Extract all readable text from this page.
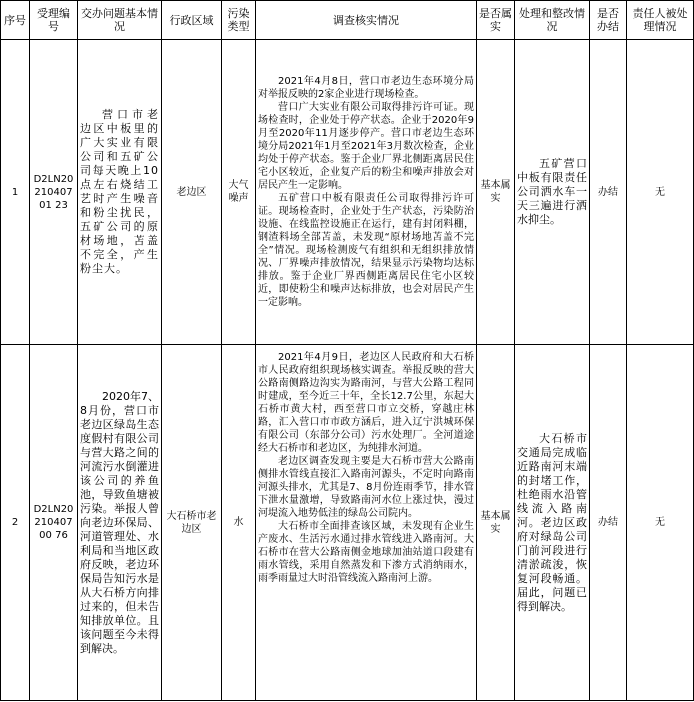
序号	受理编号	交办问题基本情况	行政区域	污染类型	调查核实情况	是否属实	处理和整改情况	是否办结	责任人被处理情况
1	D2LN2021040701 23	营口市老边区中板里的广大实业有限公司和五矿公司每天晚上10点左右烧结工艺时产生噪音和粉尘扰民，五矿公司的原材场地，苫盖不完全，产生粉尘大。	老边区	大气噪声	2021年4月8日，营口市老边生态环境分局对举报反映的2家企业进行现场检查。

营口广大实业有限公司取得排污许可证。现场检查时，企业处于停产状态。企业于2020年9月至2020年11月逐步停产。营口市老边生态环境分局2021年1月至2021年3月数次检查，企业均处于停产状态。鉴于企业厂界北侧距离居民住宅小区较近，企业复产后的粉尘和噪声排放会对居民产生一定影响。

五矿营口中板有限责任公司取得排污许可证。现场检查时，企业处于生产状态，污染防治设施、在线监控设施正在运行，建有封闭料棚，钢渣料场全部苫盖，未发现“原材场地苫盖不完全”情况。现场检测废气有组织和无组织排放情况、厂界噪声排放情况，结果显示污染物均达标排放。鉴于企业厂界西侧距离居民住宅小区较近，即使粉尘和噪声达标排放，也会对居民产生一定影响。	基本属实	五矿营口中板有限责任公司洒水车一天三遍进行洒水抑尘。	办结	无
2	D2LN2021040700 76	2020年7、8月份，营口市老边区绿岛生态度假村有限公司与营大路之间的河流污水倒灌进该公司的养鱼池，导致鱼塘被污染。举报人曾向老边环保局、河道管理处、水利局和当地区政府反映，老边环保局告知污水是从大石桥方向排过来的，但未告知排放单位。且该问题至今未得到解决。	大石桥市老边区	水	2021年4月9日，老边区人民政府和大石桥市人民政府组织现场核实调查。举报反映的营大公路南侧路边沟实为路南河，与营大公路工程同时建成，至今近三十年，全长12.7公里，东起大石桥市黄大村，西至营口市立交桥，穿越庄林路，汇入营口市市政方涵后，进入辽宁洪城环保有限公司（东部分公司）污水处理厂。全河道途经大石桥市和老边区，为纯排水河道。

老边区调查发现主要是大石桥市营大公路南侧排水管线直接汇入路南河源头，不定时向路南河源头排水，尤其是7、8月份连雨季节，排水管下泄水量激增，导致路南河水位上涨过快，漫过河堤流入地势低洼的绿岛公司院内。

大石桥市全面排查该区域，未发现有企业生产废水、生活污水通过排水管线进入路南河。大石桥市在营大公路南侧金地球加油站道口段建有雨水管线，采用自然蒸发和下渗方式消纳雨水，雨季雨量过大时沿管线流入路南河上游。	基本属实	大石桥市交通局完成临近路南河末端的封堵工作，杜绝雨水沿管线流入路南河。老边区政府对绿岛公司门前河段进行清淤疏浚，恢复河段畅通。届此，问题已得到解决。	办结	无
